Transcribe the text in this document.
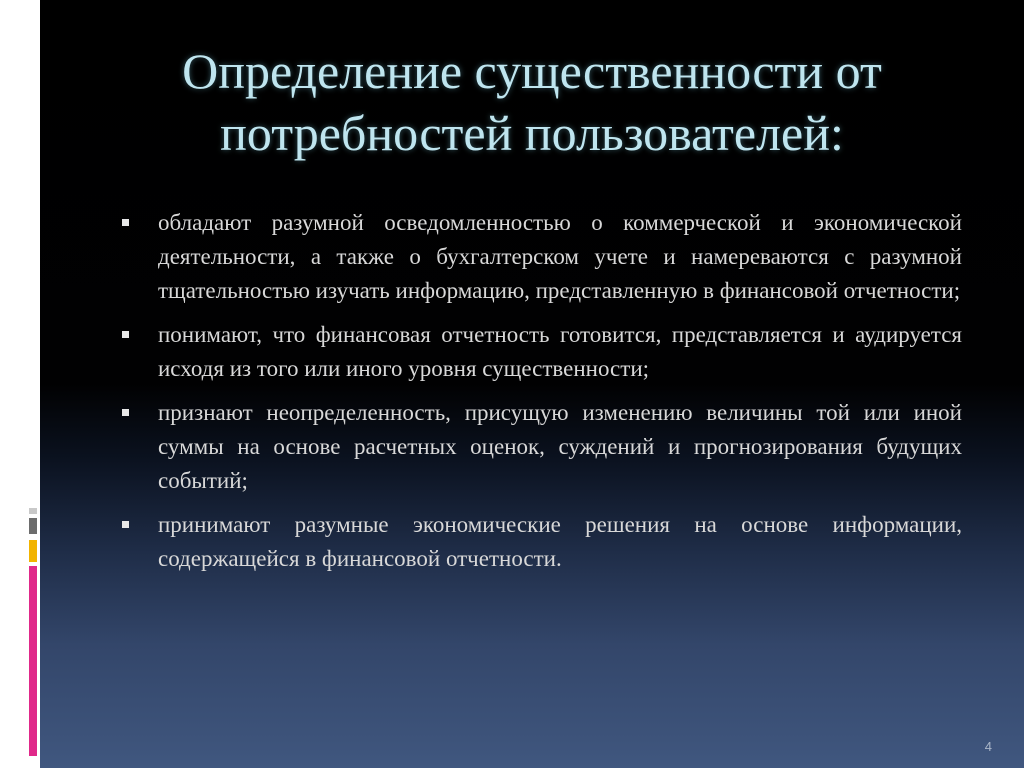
Определение существенности от
потребностей пользователей:
обладают разумной осведомленностью о коммерческой и экономической деятельности, а также о бухгалтерском учете и намереваются с разумной тщательностью изучать информацию, представленную в финансовой отчетности;
понимают, что финансовая отчетность готовится, представляется и аудируется исходя из того или иного уровня существенности;
признают неопределенность, присущую изменению величины той или иной суммы на основе расчетных оценок, суждений и прогнозирования будущих событий;
принимают разумные экономические решения на основе информации, содержащейся в финансовой отчетности.
4
